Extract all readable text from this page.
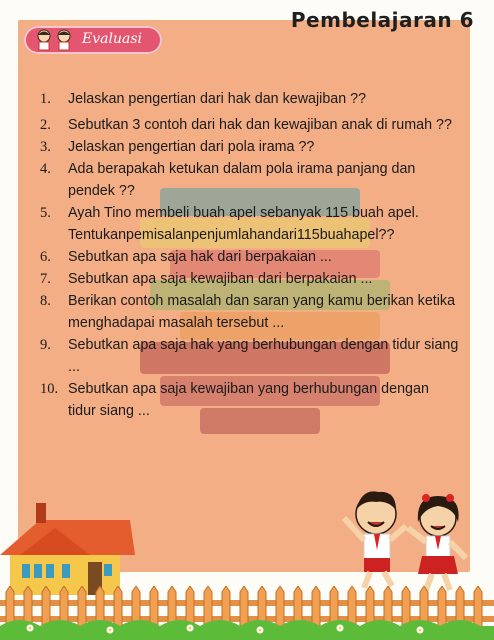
Pembelajaran 6
Evaluasi
1.	Jelaskan pengertian dari hak dan kewajiban ??
2.	Sebutkan 3 contoh dari hak dan kewajiban anak di rumah ??
3.	Jelaskan pengertian dari pola irama ??
4.	Ada berapakah ketukan dalam pola irama panjang dan pendek ??
5.	Ayah Tino membeli buah apel sebanyak 115 buah apel. Tentukanpemisalanpenjumlahandari115buahapel??
6.	Sebutkan apa saja hak dari berpakaian ...
7.	Sebutkan apa saja kewajiban dari berpakaian ...
8.	Berikan contoh masalah dan saran yang kamu berikan ketika menghadapai masalah tersebut ...
9.	Sebutkan apa saja hak yang berhubungan dengan tidur siang ...
10. Sebutkan apa saja kewajiban yang berhubungan dengan tidur siang ...
